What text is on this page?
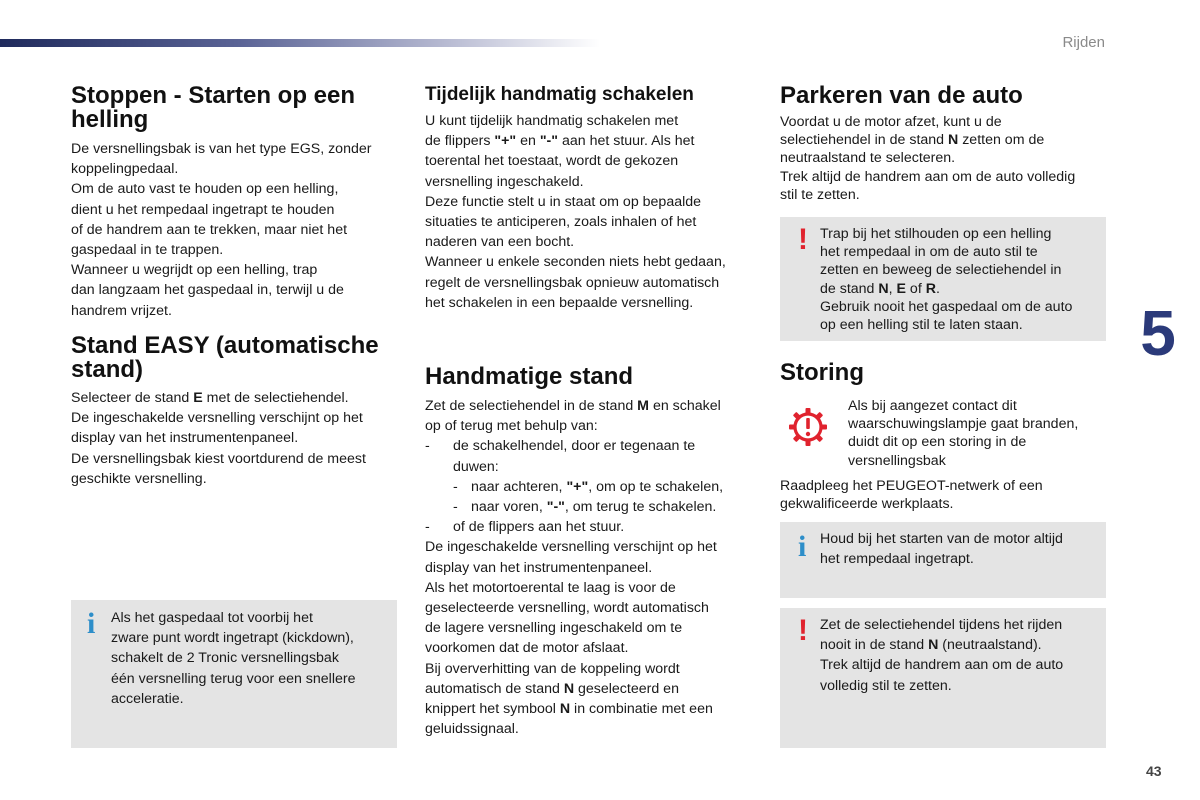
Rijden
5
43
Stoppen - Starten op een helling

De versnellingsbak is van het type EGS, zonder
koppelingpedaal.
Om de auto vast te houden op een helling,
dient u het rempedaal ingetrapt te houden
of de handrem aan te trekken, maar niet het
gaspedaal in te trappen.
Wanneer u wegrijdt op een helling, trap
dan langzaam het gaspedaal in, terwijl u de
handrem vrijzet.

Stand EASY (automatische stand)

Selecteer de stand E met de selectiehendel.
De ingeschakelde versnelling verschijnt op het
display van het instrumentenpaneel.
De versnellingsbak kiest voortdurend de meest
geschikte versnelling.

i Als het gaspedaal tot voorbij het
zware punt wordt ingetrapt (kickdown),
schakelt de 2 Tronic versnellingsbak
één versnelling terug voor een snellere
acceleratie.

Tijdelijk handmatig schakelen

U kunt tijdelijk handmatig schakelen met
de flippers "+" en "-" aan het stuur. Als het
toerental het toestaat, wordt de gekozen
versnelling ingeschakeld.
Deze functie stelt u in staat om op bepaalde
situaties te anticiperen, zoals inhalen of het
naderen van een bocht.
Wanneer u enkele seconden niets hebt gedaan,
regelt de versnellingsbak opnieuw automatisch
het schakelen in een bepaalde versnelling.

Handmatige stand

Zet de selectiehendel in de stand M en schakel
op of terug met behulp van:

-	de schakelhendel, door er tegenaan te
duwen:
- naar achteren, "+", om op te schakelen,
- naar voren, "-", om terug te schakelen.
-	of de flippers aan het stuur.

De ingeschakelde versnelling verschijnt op het
display van het instrumentenpaneel.
Als het motortoerental te laag is voor de
geselecteerde versnelling, wordt automatisch
de lagere versnelling ingeschakeld om te
voorkomen dat de motor afslaat.
Bij oververhitting van de koppeling wordt
automatisch de stand N geselecteerd en
knippert het symbool N in combinatie met een
geluidssignaal.

Parkeren van de auto

Voordat u de motor afzet, kunt u de
selectiehendel in de stand N zetten om de
neutraalstand te selecteren.
Trek altijd de handrem aan om de auto volledig
stil te zetten.

! Trap bij het stilhouden op een helling
het rempedaal in om de auto stil te
zetten en beweeg de selectiehendel in
de stand N, E of R.
Gebruik nooit het gaspedaal om de auto
op een helling stil te laten staan.

Storing

Als bij aangezet contact dit
waarschuwingslampje gaat branden,
duidt dit op een storing in de
versnellingsbak

Raadpleeg het PEUGEOT-netwerk of een
gekwalificeerde werkplaats.

i Houd bij het starten van de motor altijd
het rempedaal ingetrapt.

! Zet de selectiehendel tijdens het rijden
nooit in de stand N (neutraalstand).
Trek altijd de handrem aan om de auto
volledig stil te zetten.
